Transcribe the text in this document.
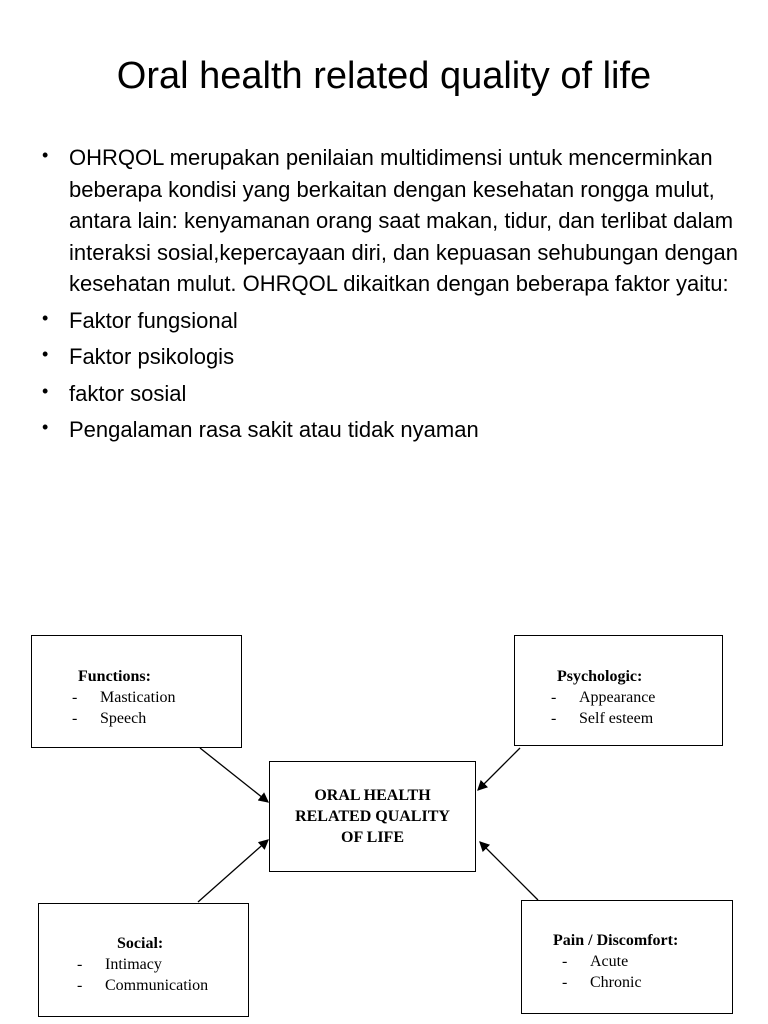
Oral health related quality of life
• OHRQOL merupakan penilaian multidimensi untuk mencerminkan beberapa kondisi yang berkaitan dengan kesehatan rongga mulut, antara lain: kenyamanan orang saat makan, tidur, dan terlibat dalam interaksi sosial,kepercayaan diri, dan kepuasan sehubungan dengan kesehatan mulut. OHRQOL dikaitkan dengan beberapa faktor yaitu:
• Faktor fungsional
• Faktor psikologis
• faktor sosial
• Pengalaman rasa sakit atau tidak nyaman
Functions:
-	Mastication
-	Speech
Psychologic:
-	Appearance
-	Self esteem
ORAL HEALTH
RELATED QUALITY
OF LIFE
Social:
-	Intimacy
-	Communication
Pain / Discomfort:
-	Acute
-	Chronic
